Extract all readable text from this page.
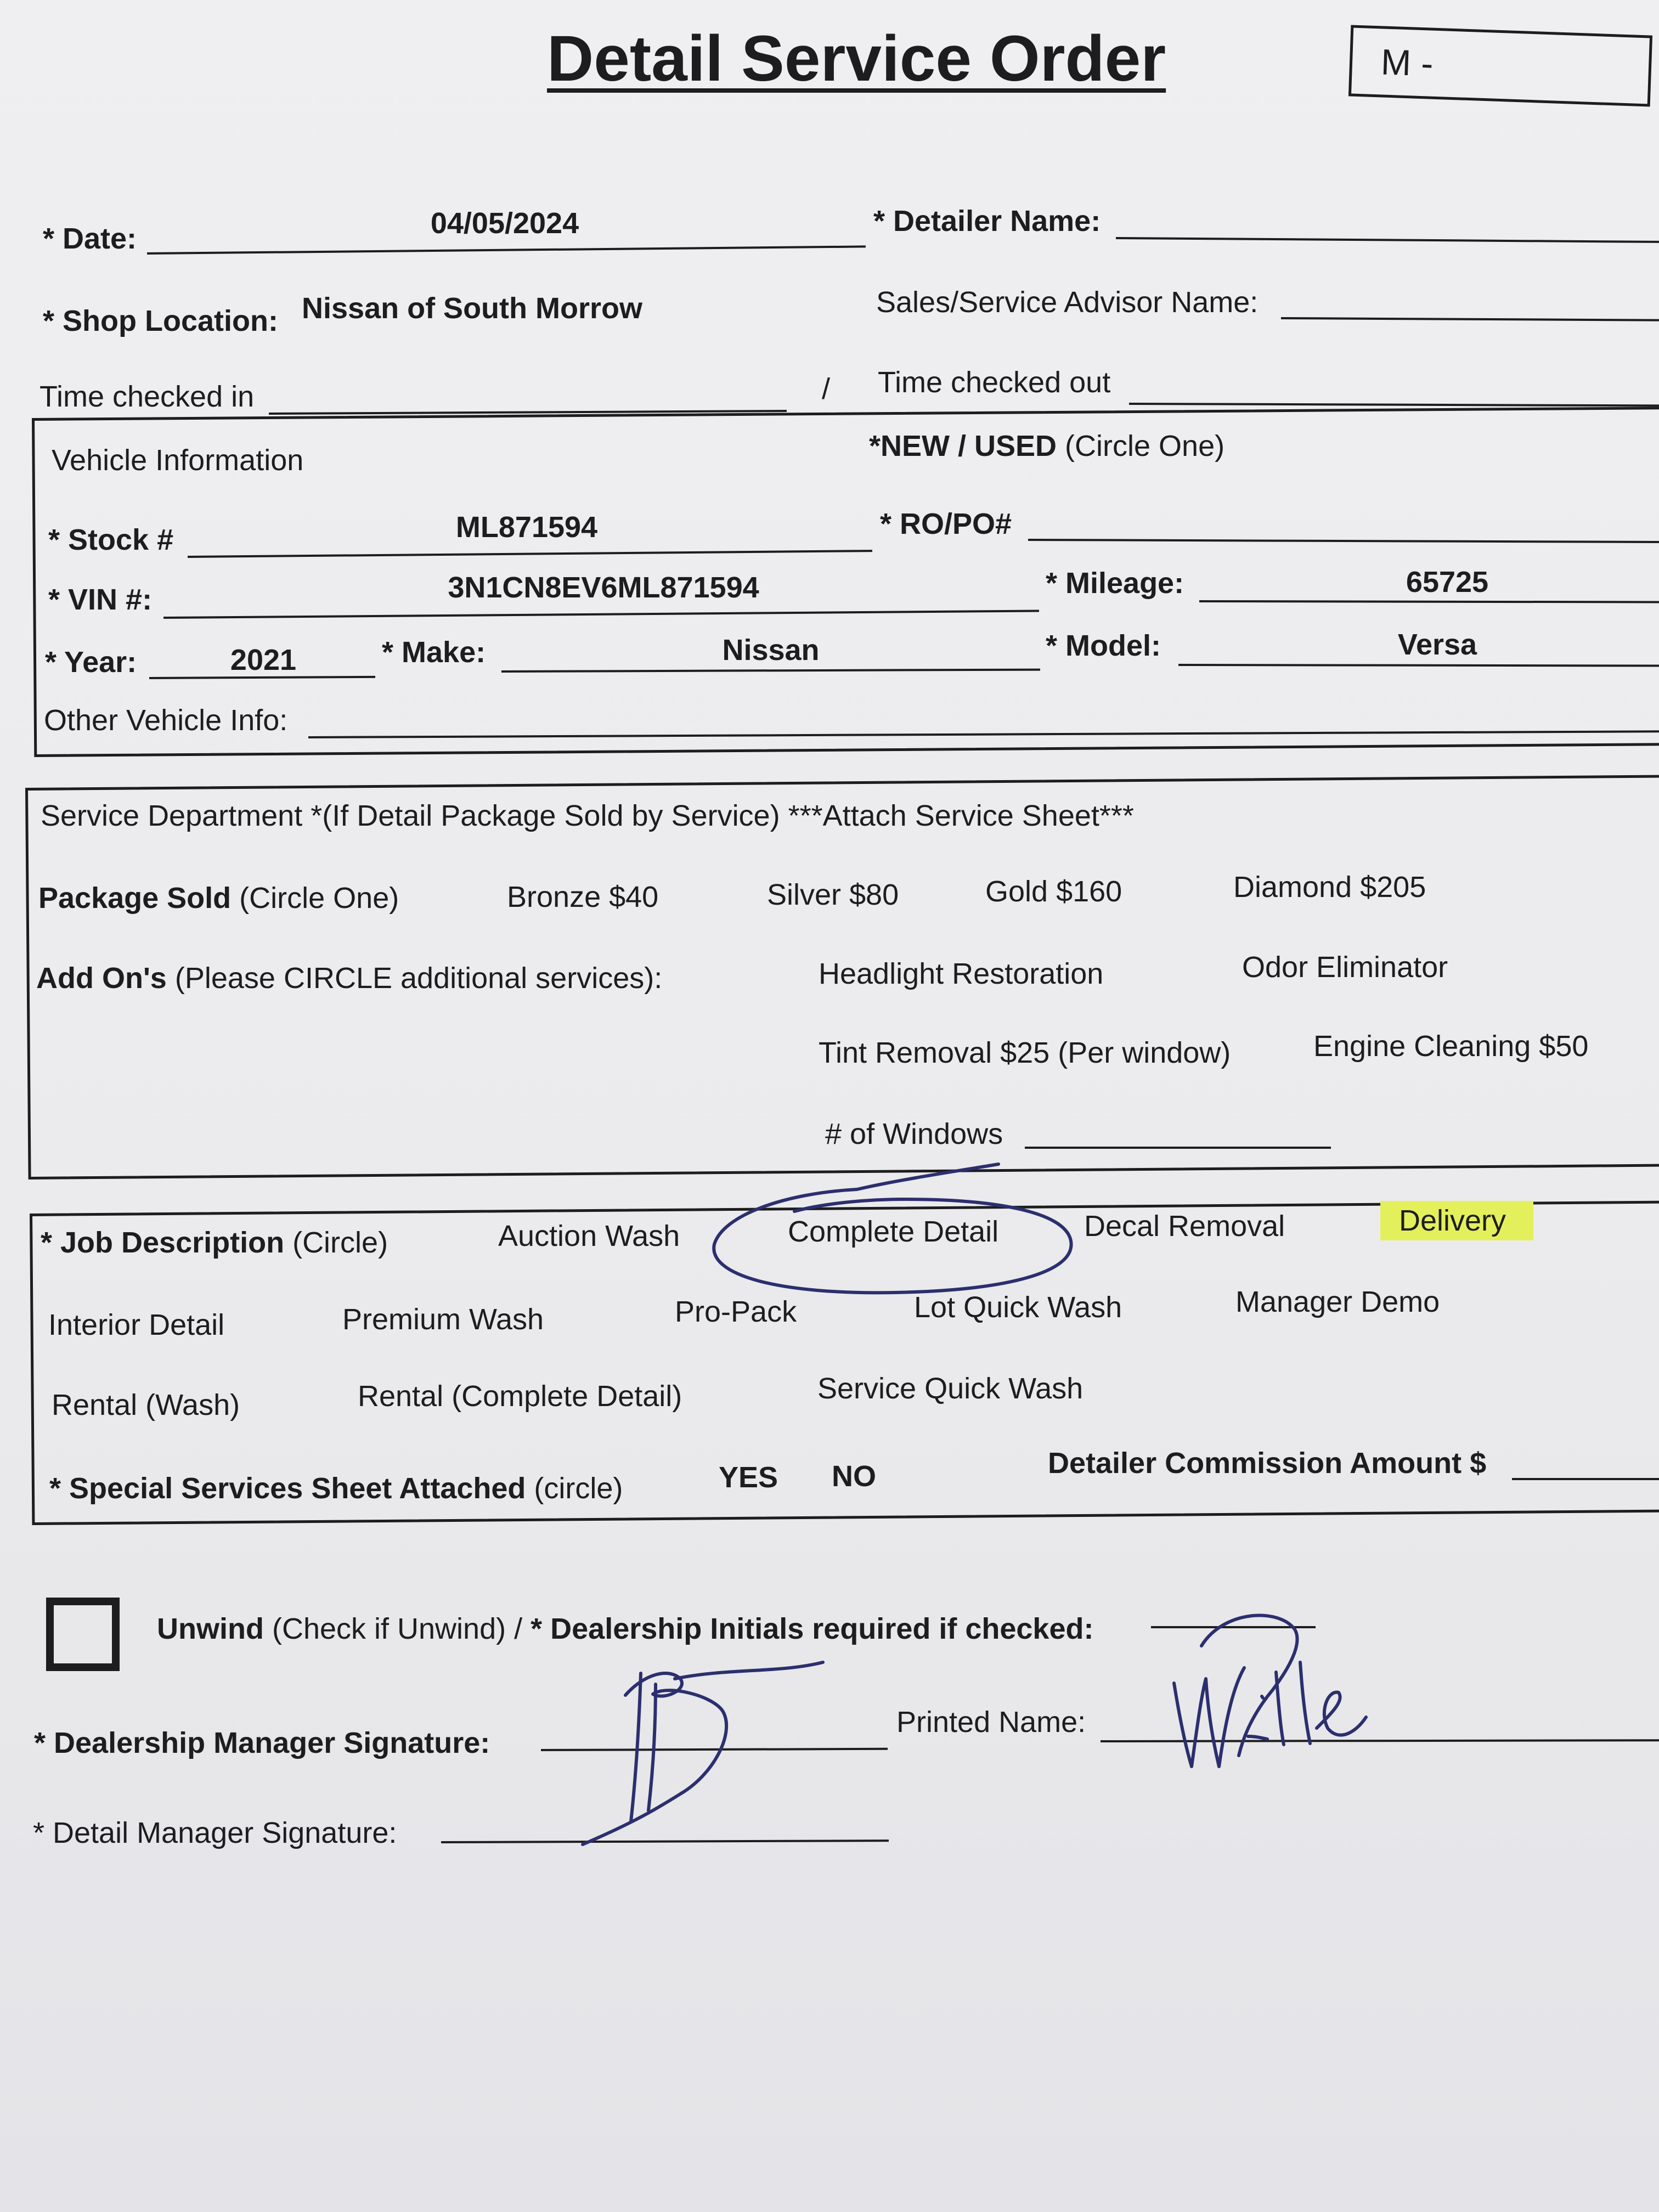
Detail Service Order	M -
* Date:	04/05/2024	* Detailer Name:
* Shop Location: Nissan of South Morrow	Sales/Service Advisor Name:
Time checked in	/ Time checked out
Vehicle Information	*NEW / USED (Circle One)
* Stock #	ML871594	* RO/PO#
* VIN #:	3N1CN8EV6ML871594	* Mileage:	65725
* Year:	2021	* Make:	Nissan	* Model:	Versa
Other Vehicle Info:
Service Department *(If Detail Package Sold by Service) ***Attach Service Sheet***
Package Sold (Circle One)	Bronze $40	Silver $80	Gold $160	Diamond $205
Add On's (Please CIRCLE additional services):	Headlight Restoration	Odor Eliminator
Tint Removal $25 (Per window)	Engine Cleaning $50
# of Windows
* Job Description (Circle)	Auction Wash	Complete Detail	Decal Removal	Delivery
Interior Detail	Premium Wash	Pro-Pack	Lot Quick Wash	Manager Demo
Rental (Wash)	Rental (Complete Detail)	Service Quick Wash
* Special Services Sheet Attached (circle)	YES NO	Detailer Commission Amount $
Unwind (Check if Unwind) / * Dealership Initials required if checked:
* Dealership Manager Signature:
Printed Name:
* Detail Manager Signature:
